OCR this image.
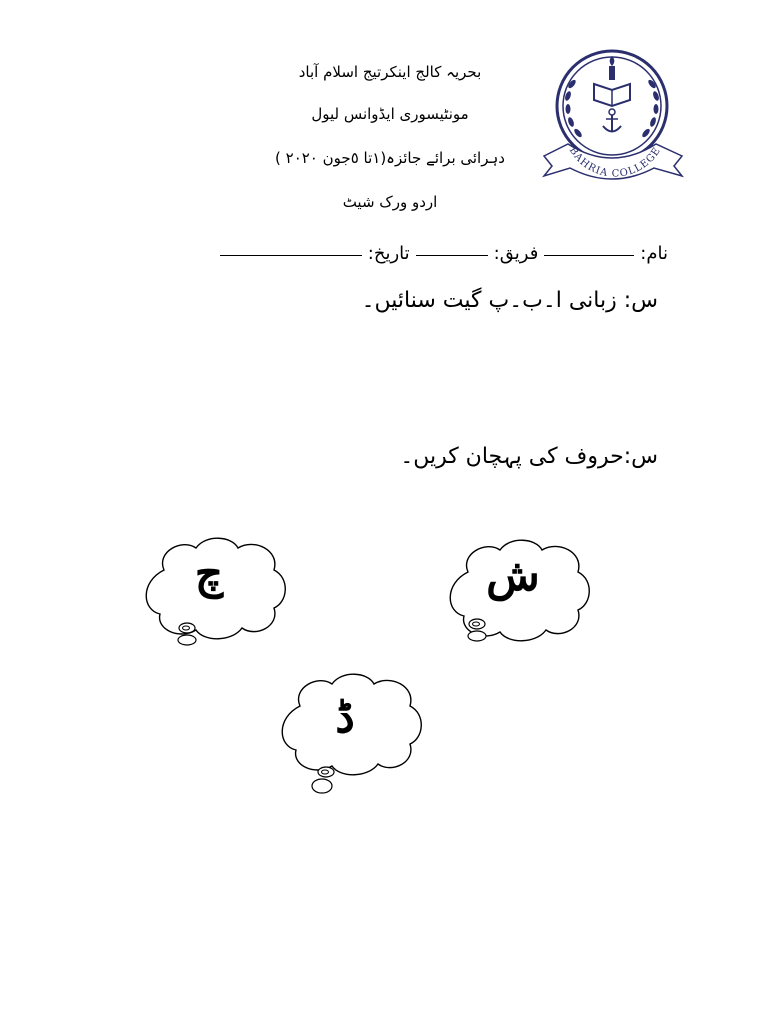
بحریہ کالج اینکرتیج اسلام آباد
مونٹیسوری ایڈوانس لیول
دہرائی برائے جائزہ(١تا ٥جون ٢٠٢٠ )
اردو ورک شیٹ
BAHRIA COLLEGE
نام:
فریق:
تاریخ:
س: زبانی ا۔ب۔پ گیت سنائیں۔
س:حروف کی پہچان کریں۔
چ	ش
ڈ
